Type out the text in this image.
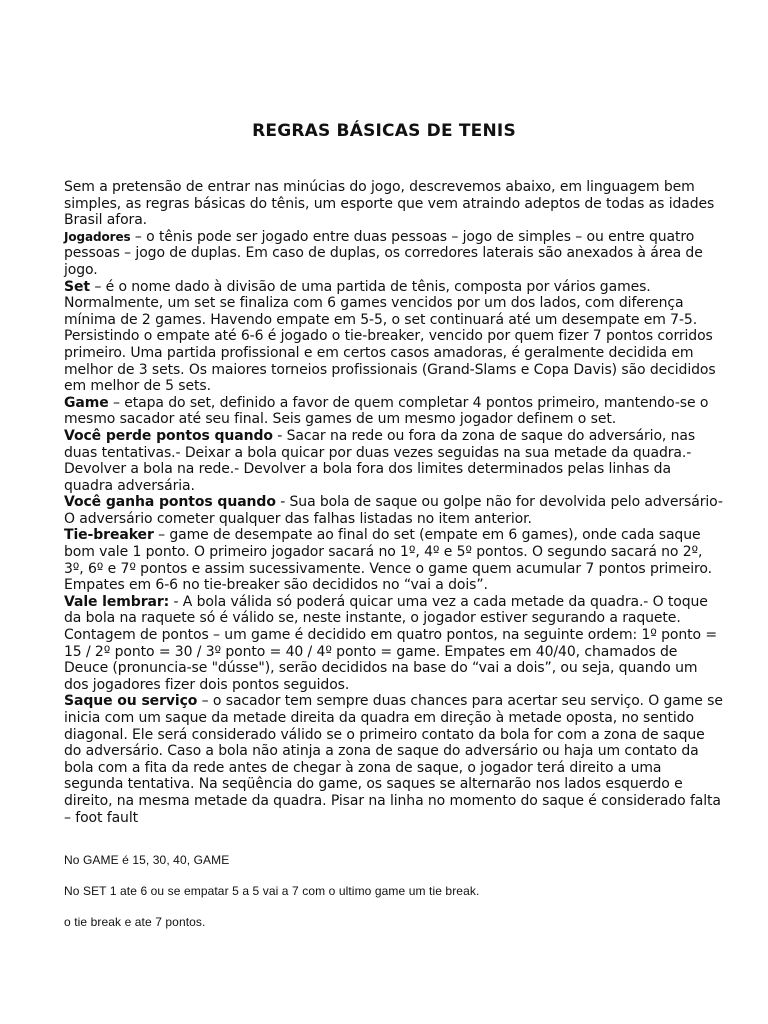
REGRAS BÁSICAS DE TENIS

Sem a pretensão de entrar nas minúcias do jogo, descrevemos abaixo, em linguagem bem simples, as regras básicas do tênis, um esporte que vem atraindo adeptos de todas as idades Brasil afora.

Jogadores – o tênis pode ser jogado entre duas pessoas – jogo de simples – ou entre quatro pessoas – jogo de duplas. Em caso de duplas, os corredores laterais são anexados à área de jogo.

Set – é o nome dado à divisão de uma partida de tênis, composta por vários games. Normalmente, um set se finaliza com 6 games vencidos por um dos lados, com diferença mínima de 2 games. Havendo empate em 5-5, o set continuará até um desempate em 7-5. Persistindo o empate até 6-6 é jogado o tie-breaker, vencido por quem fizer 7 pontos corridos primeiro. Uma partida profissional e em certos casos amadoras, é geralmente decidida em melhor de 3 sets. Os maiores torneios profissionais (Grand-Slams e Copa Davis) são decididos em melhor de 5 sets.

Game – etapa do set, definido a favor de quem completar 4 pontos primeiro, mantendo-se o mesmo sacador até seu final. Seis games de um mesmo jogador definem o set.

Você perde pontos quando - Sacar na rede ou fora da zona de saque do adversário, nas duas tentativas.- Deixar a bola quicar por duas vezes seguidas na sua metade da quadra.- Devolver a bola na rede.- Devolver a bola fora dos limites determinados pelas linhas da quadra adversária.

Você ganha pontos quando - Sua bola de saque ou golpe não for devolvida pelo adversário- O adversário cometer qualquer das falhas listadas no item anterior.

Tie-breaker – game de desempate ao final do set (empate em 6 games), onde cada saque bom vale 1 ponto. O primeiro jogador sacará no 1º, 4º e 5º pontos. O segundo sacará no 2º, 3º, 6º e 7º pontos e assim sucessivamente. Vence o game quem acumular 7 pontos primeiro. Empates em 6-6 no tie-breaker são decididos no “vai a dois”.

Vale lembrar: - A bola válida só poderá quicar uma vez a cada metade da quadra.- O toque da bola na raquete só é válido se, neste instante, o jogador estiver segurando a raquete. Contagem de pontos – um game é decidido em quatro pontos, na seguinte ordem: 1º ponto = 15 / 2º ponto = 30 / 3º ponto = 40 / 4º ponto = game. Empates em 40/40, chamados de Deuce (pronuncia-se "dússe"), serão decididos na base do “vai a dois”, ou seja, quando um dos jogadores fizer dois pontos seguidos.

Saque ou serviço – o sacador tem sempre duas chances para acertar seu serviço. O game se inicia com um saque da metade direita da quadra em direção à metade oposta, no sentido diagonal. Ele será considerado válido se o primeiro contato da bola for com a zona de saque do adversário. Caso a bola não atinja a zona de saque do adversário ou haja um contato da bola com a fita da rede antes de chegar à zona de saque, o jogador terá direito a uma segunda tentativa. Na seqüência do game, os saques se alternarão nos lados esquerdo e direito, na mesma metade da quadra. Pisar na linha no momento do saque é considerado falta – foot fault

No GAME é 15, 30, 40, GAME

No SET 1 ate 6 ou se empatar 5 a 5 vai a 7 com o ultimo game um tie break.

o tie break e ate 7 pontos.
